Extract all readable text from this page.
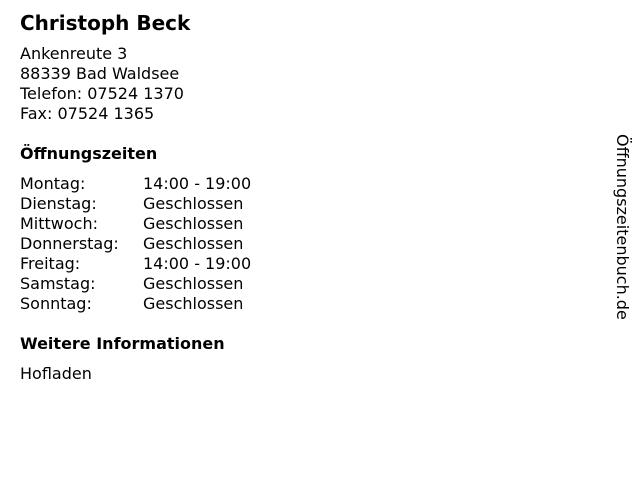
Christoph Beck
Ankenreute 3
88339 Bad Waldsee
Telefon: 07524 1370
Fax: 07524 1365
Öffnungszeiten
Montag:	14:00 - 19:00
Dienstag:	Geschlossen
Mittwoch:	Geschlossen
Donnerstag: Geschlossen
Freitag:	14:00 - 19:00
Samstag:	Geschlossen
Sonntag:	Geschlossen
Weitere Informationen
Hofladen
Öffnungszeitenbuch.de
